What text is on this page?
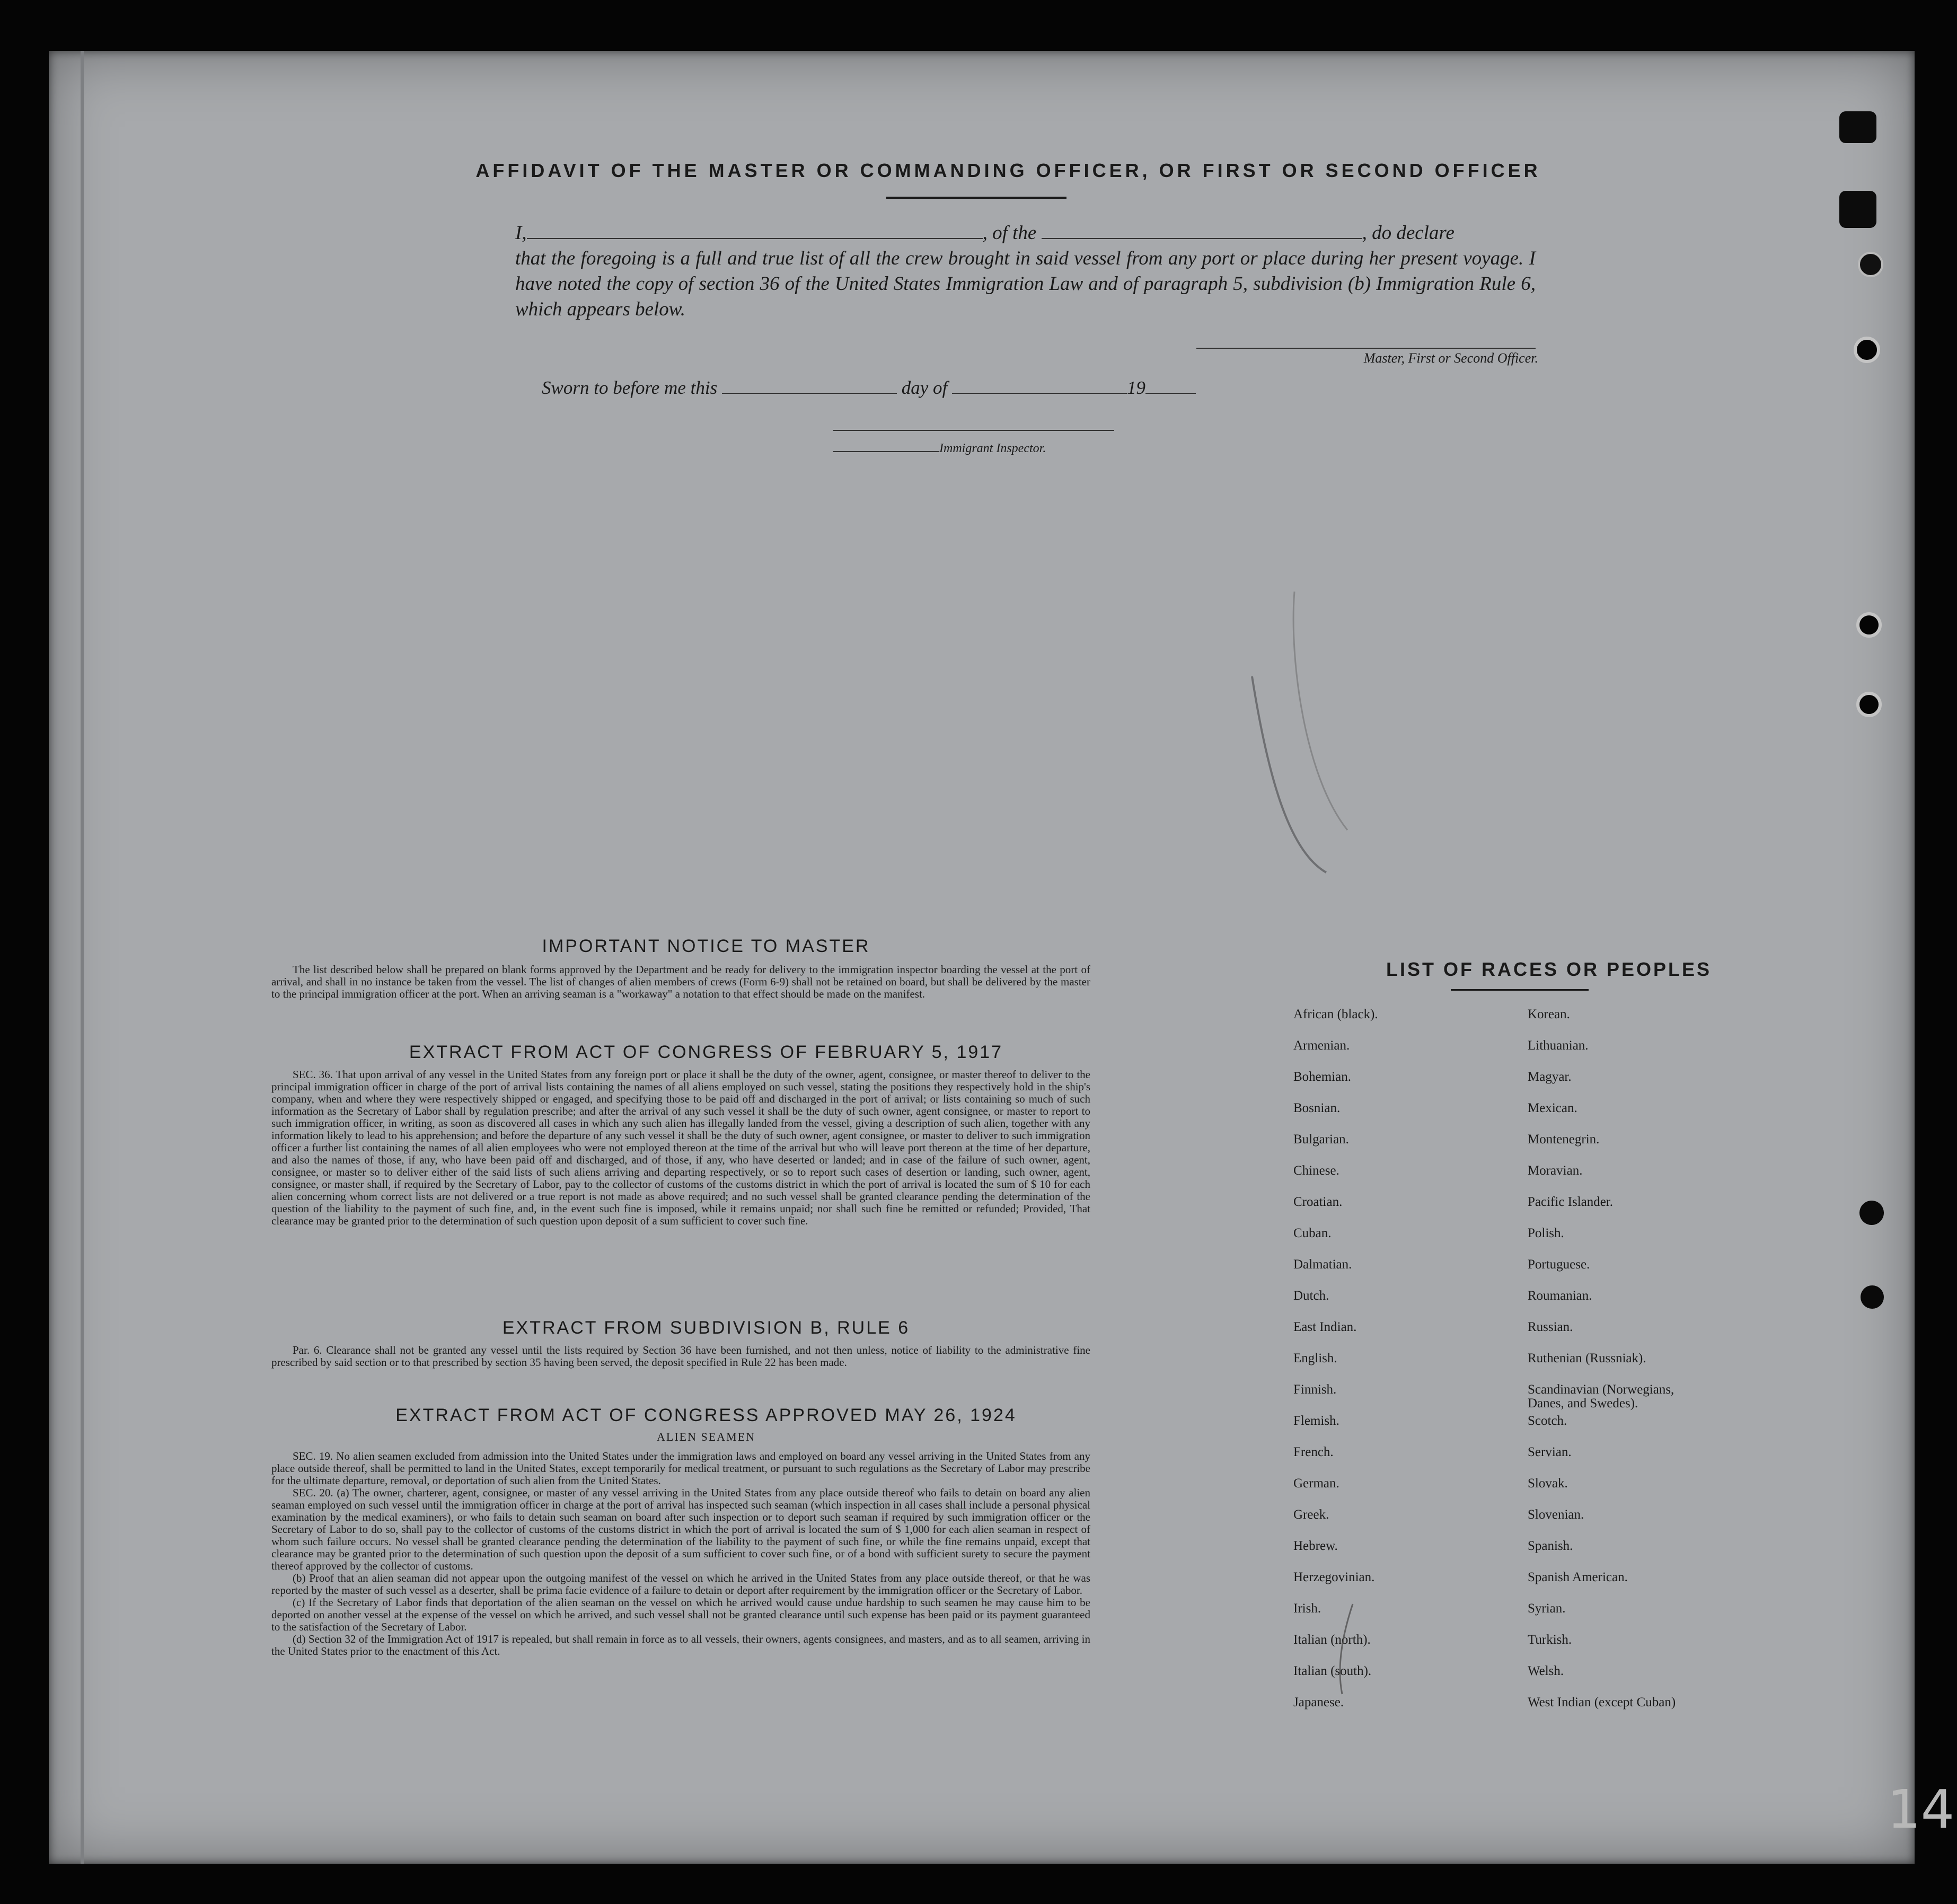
AFFIDAVIT OF THE MASTER OR COMMANDING OFFICER, OR FIRST OR SECOND OFFICER
I,	, of the	, do declare
that the foregoing is a full and true list of all the crew brought in said vessel from any port or place during her present voyage. I have noted the copy of section 36 of the United States Immigration Law and of paragraph 5, subdivision (b) Immigration Rule 6, which appears below.
Master, First or Second Officer.
Sworn to before me this	day of	19
Immigrant Inspector.
IMPORTANT NOTICE TO MASTER
The list described below shall be prepared on blank forms approved by the Department and be ready for delivery to the immigration inspector boarding the vessel at the port of arrival, and shall in no instance be taken from the vessel. The list of changes of alien members of crews (Form 6-9) shall not be retained on board, but shall be delivered by the master to the principal immigration officer at the port. When an arriving seaman is a "workaway" a notation to that effect should be made on the manifest.
EXTRACT FROM ACT OF CONGRESS OF FEBRUARY 5, 1917
SEC. 36. That upon arrival of any vessel in the United States from any foreign port or place it shall be the duty of the owner, agent, consignee, or master thereof to deliver to the principal immigration officer in charge of the port of arrival lists containing the names of all aliens employed on such vessel, stating the positions they respectively hold in the ship's company, when and where they were respectively shipped or engaged, and specifying those to be paid off and discharged in the port of arrival; or lists containing so much of such information as the Secretary of Labor shall by regulation prescribe; and after the arrival of any such vessel it shall be the duty of such owner, agent consignee, or master to report to such immigration officer, in writing, as soon as discovered all cases in which any such alien has illegally landed from the vessel, giving a description of such alien, together with any information likely to lead to his apprehension; and before the departure of any such vessel it shall be the duty of such owner, agent consignee, or master to deliver to such immigration officer a further list containing the names of all alien employees who were not employed thereon at the time of the arrival but who will leave port thereon at the time of her departure, and also the names of those, if any, who have been paid off and discharged, and of those, if any, who have deserted or landed; and in case of the failure of such owner, agent, consignee, or master so to deliver either of the said lists of such aliens arriving and departing respectively, or so to report such cases of desertion or landing, such owner, agent, consignee, or master shall, if required by the Secretary of Labor, pay to the collector of customs of the customs district in which the port of arrival is located the sum of $ 10 for each alien concerning whom correct lists are not delivered or a true report is not made as above required; and no such vessel shall be granted clearance pending the determination of the question of the liability to the payment of such fine, and, in the event such fine is imposed, while it remains unpaid; nor shall such fine be remitted or refunded; Provided, That clearance may be granted prior to the determination of such question upon deposit of a sum sufficient to cover such fine.
EXTRACT FROM SUBDIVISION B, RULE 6
Par. 6. Clearance shall not be granted any vessel until the lists required by Section 36 have been furnished, and not then unless, notice of liability to the administrative fine prescribed by said section or to that prescribed by section 35 having been served, the deposit specified in Rule 22 has been made.
EXTRACT FROM ACT OF CONGRESS APPROVED MAY 26, 1924
ALIEN SEAMEN
SEC. 19. No alien seamen excluded from admission into the United States under the immigration laws and employed on board any vessel arriving in the United States from any place outside thereof, shall be permitted to land in the United States, except temporarily for medical treatment, or pursuant to such regulations as the Secretary of Labor may prescribe for the ultimate departure, removal, or deportation of such alien from the United States.
SEC. 20. (a) The owner, charterer, agent, consignee, or master of any vessel arriving in the United States from any place outside thereof who fails to detain on board any alien seaman employed on such vessel until the immigration officer in charge at the port of arrival has inspected such seaman (which inspection in all cases shall include a personal physical examination by the medical examiners), or who fails to detain such seaman on board after such inspection or to deport such seaman if required by such immigration officer or the Secretary of Labor to do so, shall pay to the collector of customs of the customs district in which the port of arrival is located the sum of $ 1,000 for each alien seaman in respect of whom such failure occurs. No vessel shall be granted clearance pending the determination of the liability to the payment of such fine, or while the fine remains unpaid, except that clearance may be granted prior to the determination of such question upon the deposit of a sum sufficient to cover such fine, or of a bond with sufficient surety to secure the payment thereof approved by the collector of customs.
(b) Proof that an alien seaman did not appear upon the outgoing manifest of the vessel on which he arrived in the United States from any place outside thereof, or that he was reported by the master of such vessel as a deserter, shall be prima facie evidence of a failure to detain or deport after requirement by the immigration officer or the Secretary of Labor.
(c) If the Secretary of Labor finds that deportation of the alien seaman on the vessel on which he arrived would cause undue hardship to such seamen he may cause him to be deported on another vessel at the expense of the vessel on which he arrived, and such vessel shall not be granted clearance until such expense has been paid or its payment guaranteed to the satisfaction of the Secretary of Labor.
(d) Section 32 of the Immigration Act of 1917 is repealed, but shall remain in force as to all vessels, their owners, agents consignees, and masters, and as to all seamen, arriving in the United States prior to the enactment of this Act.
LIST OF RACES OR PEOPLES
African (black).
Armenian.
Bohemian.
Bosnian.
Bulgarian.
Chinese.
Croatian.
Cuban.
Dalmatian.
Dutch.
East Indian.
English.
Finnish.
Flemish.
French.
German.
Greek.
Hebrew.
Herzegovinian.
Irish.
Italian (north).
Italian (south).
Japanese.
Korean.
Lithuanian.
Magyar.
Mexican.
Montenegrin.
Moravian.
Pacific Islander.
Polish.
Portuguese.
Roumanian.
Russian.
Ruthenian (Russniak).
Scandinavian (Norwegians,
Danes, and Swedes).
Scotch.
Servian.
Slovak.
Slovenian.
Spanish.
Spanish American.
Syrian.
Turkish.
Welsh.
West Indian (except Cuban)
14
